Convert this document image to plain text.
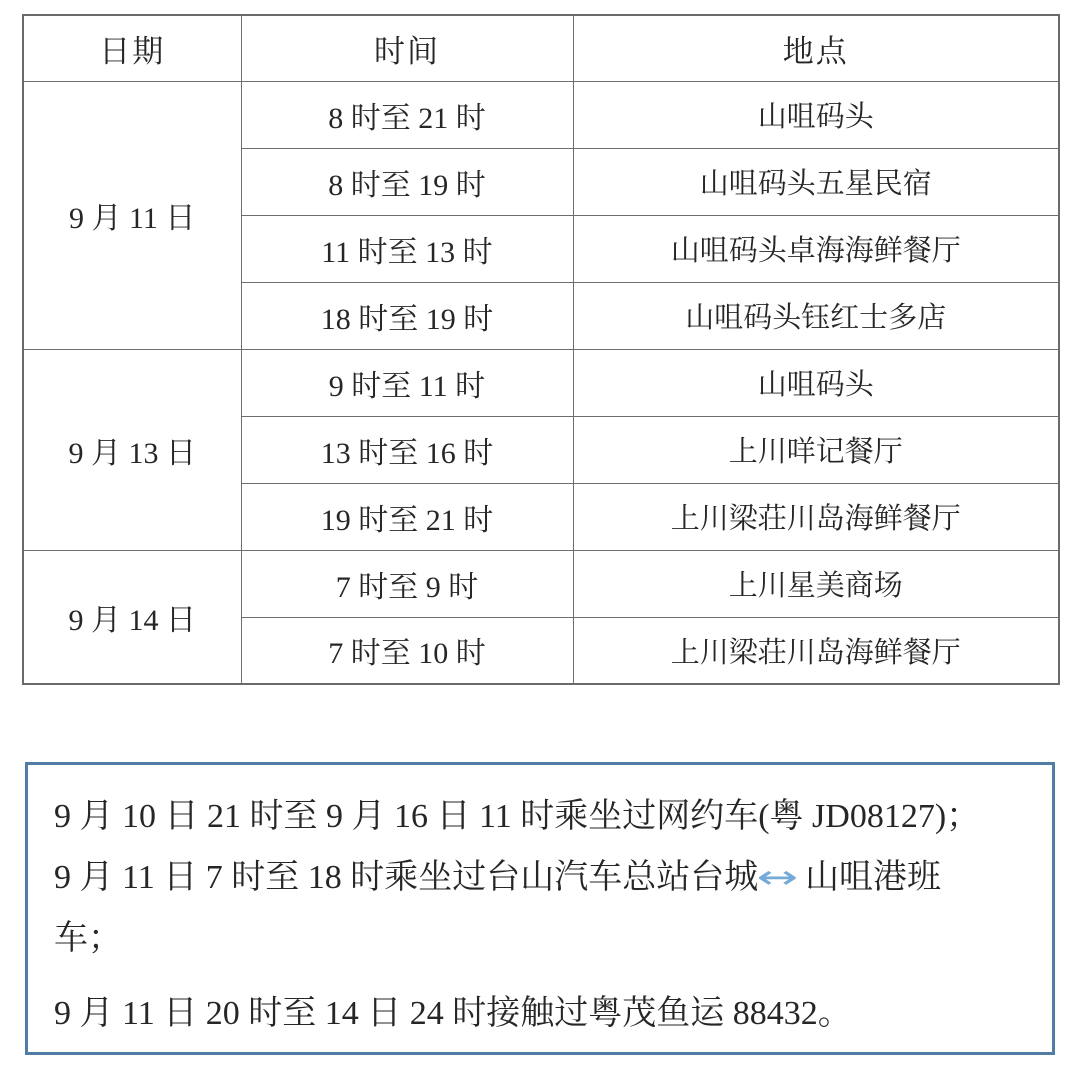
日期	时间	地点
9 月 11 日	8 时至 21 时	山咀码头
	8 时至 19 时	山咀码头五星民宿
	11 时至 13 时	山咀码头卓海海鲜餐厅
	18 时至 19 时	山咀码头钰红士多店
9 月 13 日	9 时至 11 时	山咀码头
	13 时至 16 时	上川咩记餐厅
	19 时至 21 时	上川梁荘川岛海鲜餐厅
9 月 14 日	7 时至 9 时	上川星美商场
	7 时至 10 时	上川梁荘川岛海鲜餐厅

9 月 10 日 21 时至 9 月 16 日 11 时乘坐过网约车(粤 JD08127)；

9 月 11 日 7 时至 18 时乘坐过台山汽车总站台城↔ 山咀港班
车；

9 月 11 日 20 时至 14 日 24 时接触过粤茂鱼运 88432。
